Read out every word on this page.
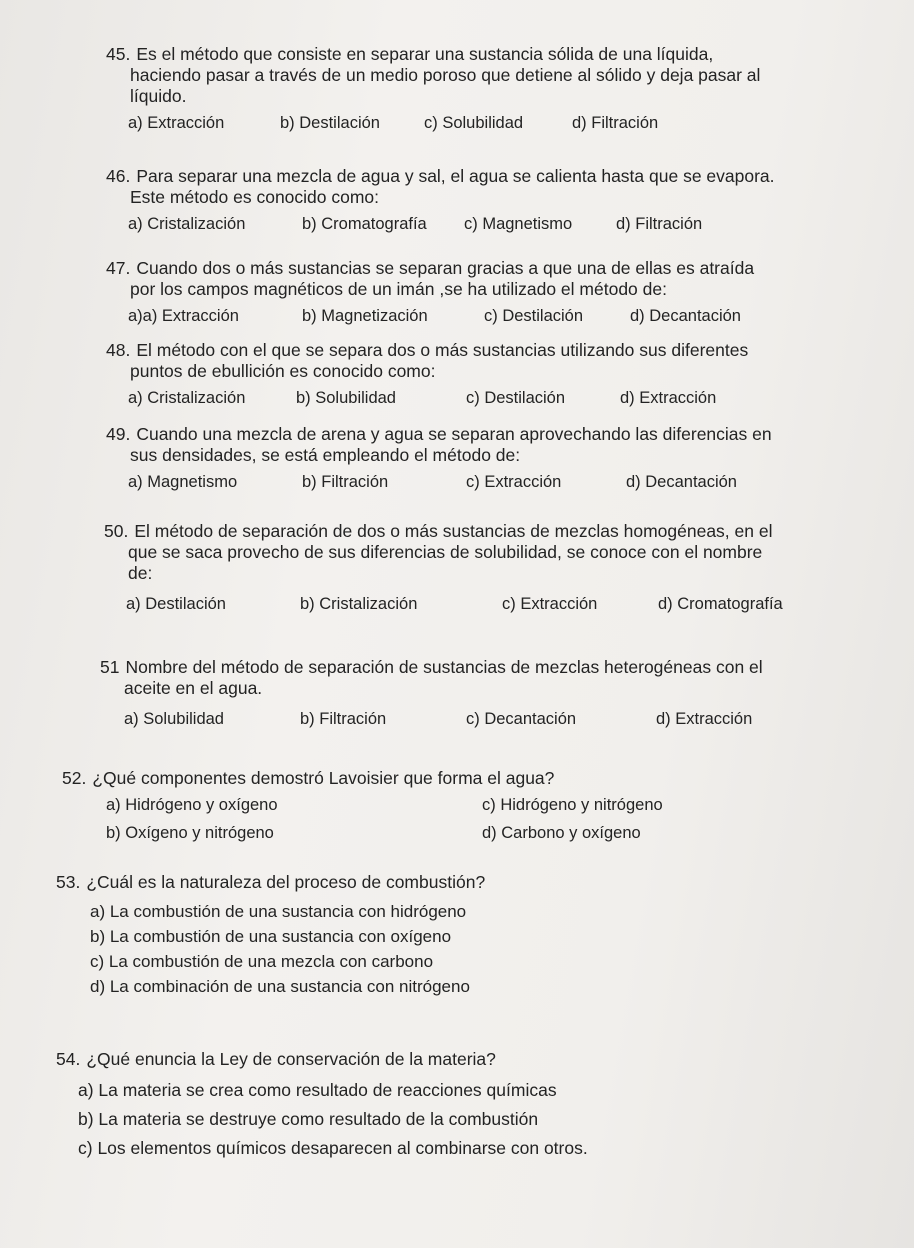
45. Es el método que consiste en separar una sustancia sólida de una líquida,
haciendo pasar a través de un medio poroso que detiene al sólido y deja pasar al
líquido.
a) Extracción	b) Destilación	c) Solubilidad	d) Filtración
46. Para separar una mezcla de agua y sal, el agua se calienta hasta que se evapora.
Este método es conocido como:
a) Cristalización	b) Cromatografía c) Magnetismo	d) Filtración
47. Cuando dos o más sustancias se separan gracias a que una de ellas es atraída
por los campos magnéticos de un imán ,se ha utilizado el método de:
a)a) Extracción	b) Magnetización	c) Destilación	d) Decantación
48. El método con el que se separa dos o más sustancias utilizando sus diferentes
puntos de ebullición es conocido como:
a) Cristalización	b) Solubilidad	c) Destilación	d) Extracción
49. Cuando una mezcla de arena y agua se separan aprovechando las diferencias en
sus densidades, se está empleando el método de:
a) Magnetismo	b) Filtración	c) Extracción	d) Decantación
50. El método de separación de dos o más sustancias de mezclas homogéneas, en el
que se saca provecho de sus diferencias de solubilidad, se conoce con el nombre
de:
a) Destilación	b) Cristalización	c) Extracción	d) Cromatografía
51 Nombre del método de separación de sustancias de mezclas heterogéneas con el
aceite en el agua.
a) Solubilidad	b) Filtración	c) Decantación	d) Extracción
52. ¿Qué componentes demostró Lavoisier que forma el agua?
a) Hidrógeno y oxígeno	c) Hidrógeno y nitrógeno
b) Oxígeno y nitrógeno	d) Carbono y oxígeno
53. ¿Cuál es la naturaleza del proceso de combustión?
a) La combustión de una sustancia con hidrógeno
b) La combustión de una sustancia con oxígeno
c) La combustión de una mezcla con carbono
d) La combinación de una sustancia con nitrógeno
54. ¿Qué enuncia la Ley de conservación de la materia?
a) La materia se crea como resultado de reacciones químicas
b) La materia se destruye como resultado de la combustión
c) Los elementos químicos desaparecen al combinarse con otros.
